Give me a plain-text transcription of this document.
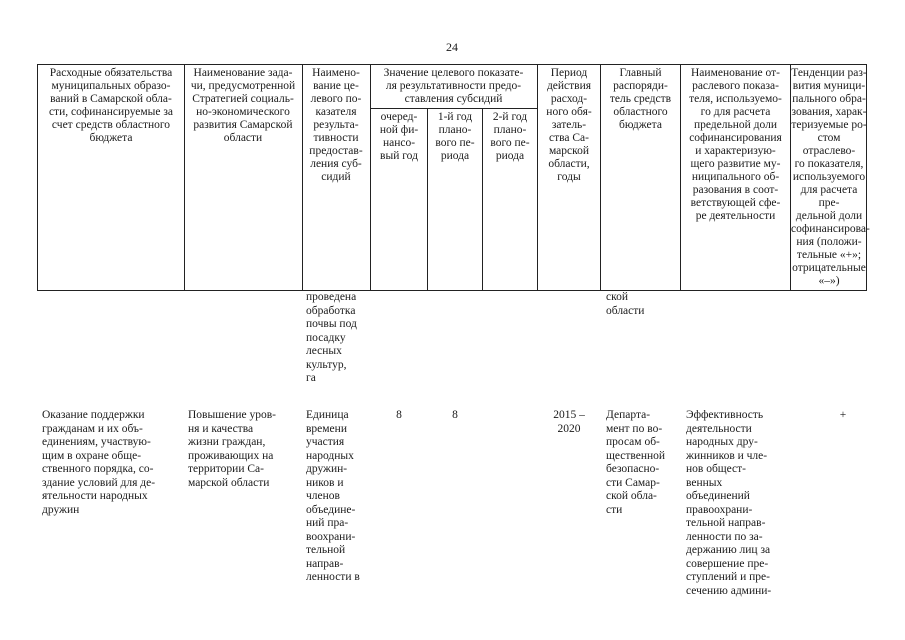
24
Расходные обязательства
муниципальных образо-
ваний в Самарской обла-
сти, софинансируемые за
счет средств областного
бюджета
Наименование зада-
чи, предусмотренной
Стратегией социаль-
но-экономического
развития Самарской
области
Наимено-
вание це-
левого по-
казателя
результа-
тивности
предостав-
ления суб-
сидий
Значение целевого показате-
ля результативности предо-
ставления субсидий
очеред-
ной фи-
нансо-
вый год
1-й год
плано-
вого пе-
риода
2-й год
плано-
вого пе-
риода
Период
действия
расход-
ного обя-
затель-
ства Са-
марской
области,
годы
Главный
распоряди-
тель средств
областного
бюджета
Наименование от-
раслевого показа-
теля, используемо-
го для расчета
предельной доли
софинансирования
и характеризую-
щего развитие му-
ниципального об-
разования в соот-
ветствующей сфе-
ре деятельности
Тенденции раз-
вития муници-
пального обра-
зования, харак-
теризуемые ро-
стом отраслево-
го показателя,
используемого
для расчета пре-
дельной доли
софинансирова-
ния (положи-
тельные «+»;
отрицательные
«–»)
проведена
обработка
почвы под
посадку
лесных
культур,
га
ской
области
Оказание поддержки
гражданам и их объ-
единениям, участвую-
щим в охране обще-
ственного порядка, со-
здание условий для де-
ятельности народных
дружин
Повышение уров-
ня и качества
жизни граждан,
проживающих на
территории Са-
марской области
Единица
времени
участия
народных
дружин-
ников и
членов
объедине-
ний пра-
воохрани-
тельной
направ-
ленности в
8	8	2015 –
2020
Департа-
мент по во-
просам об-
щественной
безопасно-
сти Самар-
ской обла-
сти
Эффективность
деятельности
народных дру-
жинников и чле-
нов общест-
венных объединений
правоохрани-
тельной направ-
ленности по за-
держанию лиц за
совершение пре-
ступлений и пре-
сечению админи-
+
